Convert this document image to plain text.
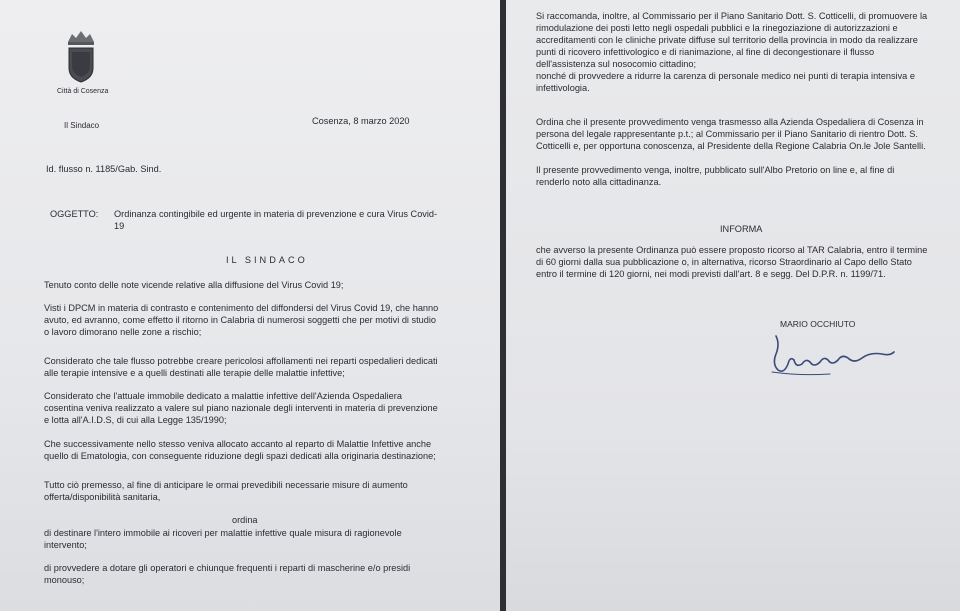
Città di Cosenza

Il Sindaco	Cosenza, 8 marzo 2020

Id. flusso n. 1185/Gab. Sind.

OGGETTO: Ordinanza contingibile ed urgente in materia di prevenzione e cura Virus Covid-

19

IL SINDACO

Tenuto conto delle note vicende relative alla diffusione del Virus Covid 19;

Visti i DPCM in materia di contrasto e contenimento del diffondersi del Virus Covid 19, che hanno

avuto, ed avranno, come effetto il ritorno in Calabria di numerosi soggetti che per motivi di studio

o lavoro dimorano nelle zone a rischio;

Considerato che tale flusso potrebbe creare pericolosi affollamenti nei reparti ospedalieri dedicati

alle terapie intensive e a quelli destinati alle terapie delle malattie infettive;

Considerato che l'attuale immobile dedicato a malattie infettive dell'Azienda Ospedaliera

cosentina veniva realizzato a valere sul piano nazionale degli interventi in materia di prevenzione

e lotta all'A.I.D.S, di cui alla Legge 135/1990;

Che successivamente nello stesso veniva allocato accanto al reparto di Malattie Infettive anche

quello di Ematologia, con conseguente riduzione degli spazi dedicati alla originaria destinazione;

Tutto ciò premesso, al fine di anticipare le ormai prevedibili necessarie misure di aumento

offerta/disponibilità sanitaria,

ordina

di destinare l'intero immobile ai ricoveri per malattie infettive quale misura di ragionevole

intervento;

di provvedere a dotare gli operatori e chiunque frequenti i reparti di mascherine e/o presidi

monouso;

Si raccomanda, inoltre, al Commissario per il Piano Sanitario Dott. S. Cotticelli, di promuovere la

rimodulazione dei posti letto negli ospedali pubblici e la rinegoziazione di autorizzazioni e

accreditamenti con le cliniche private diffuse sul territorio della provincia in modo da realizzare

punti di ricovero infettivologico e di rianimazione, al fine di decongestionare il flusso

dell'assistenza sul nosocomio cittadino;

nonché di provvedere a ridurre la carenza di personale medico nei punti di terapia intensiva e

infettivologia.

Ordina che il presente provvedimento venga trasmesso alla Azienda Ospedaliera di Cosenza in

persona del legale rappresentante p.t.; al Commissario per il Piano Sanitario di rientro Dott. S.

Cotticelli e, per opportuna conoscenza, al Presidente della Regione Calabria On.le Jole Santelli.

Il presente provvedimento venga, inoltre, pubblicato sull'Albo Pretorio on line e, al fine di

renderlo noto alla cittadinanza.

INFORMA

che avverso la presente Ordinanza può essere proposto ricorso al TAR Calabria, entro il termine

di 60 giorni dalla sua pubblicazione o, in alternativa, ricorso Straordinario al Capo dello Stato

entro il termine di 120 giorni, nei modi previsti dall'art. 8 e segg. Del D.P.R. n. 1199/71.

MARIO OCCHIUTO
